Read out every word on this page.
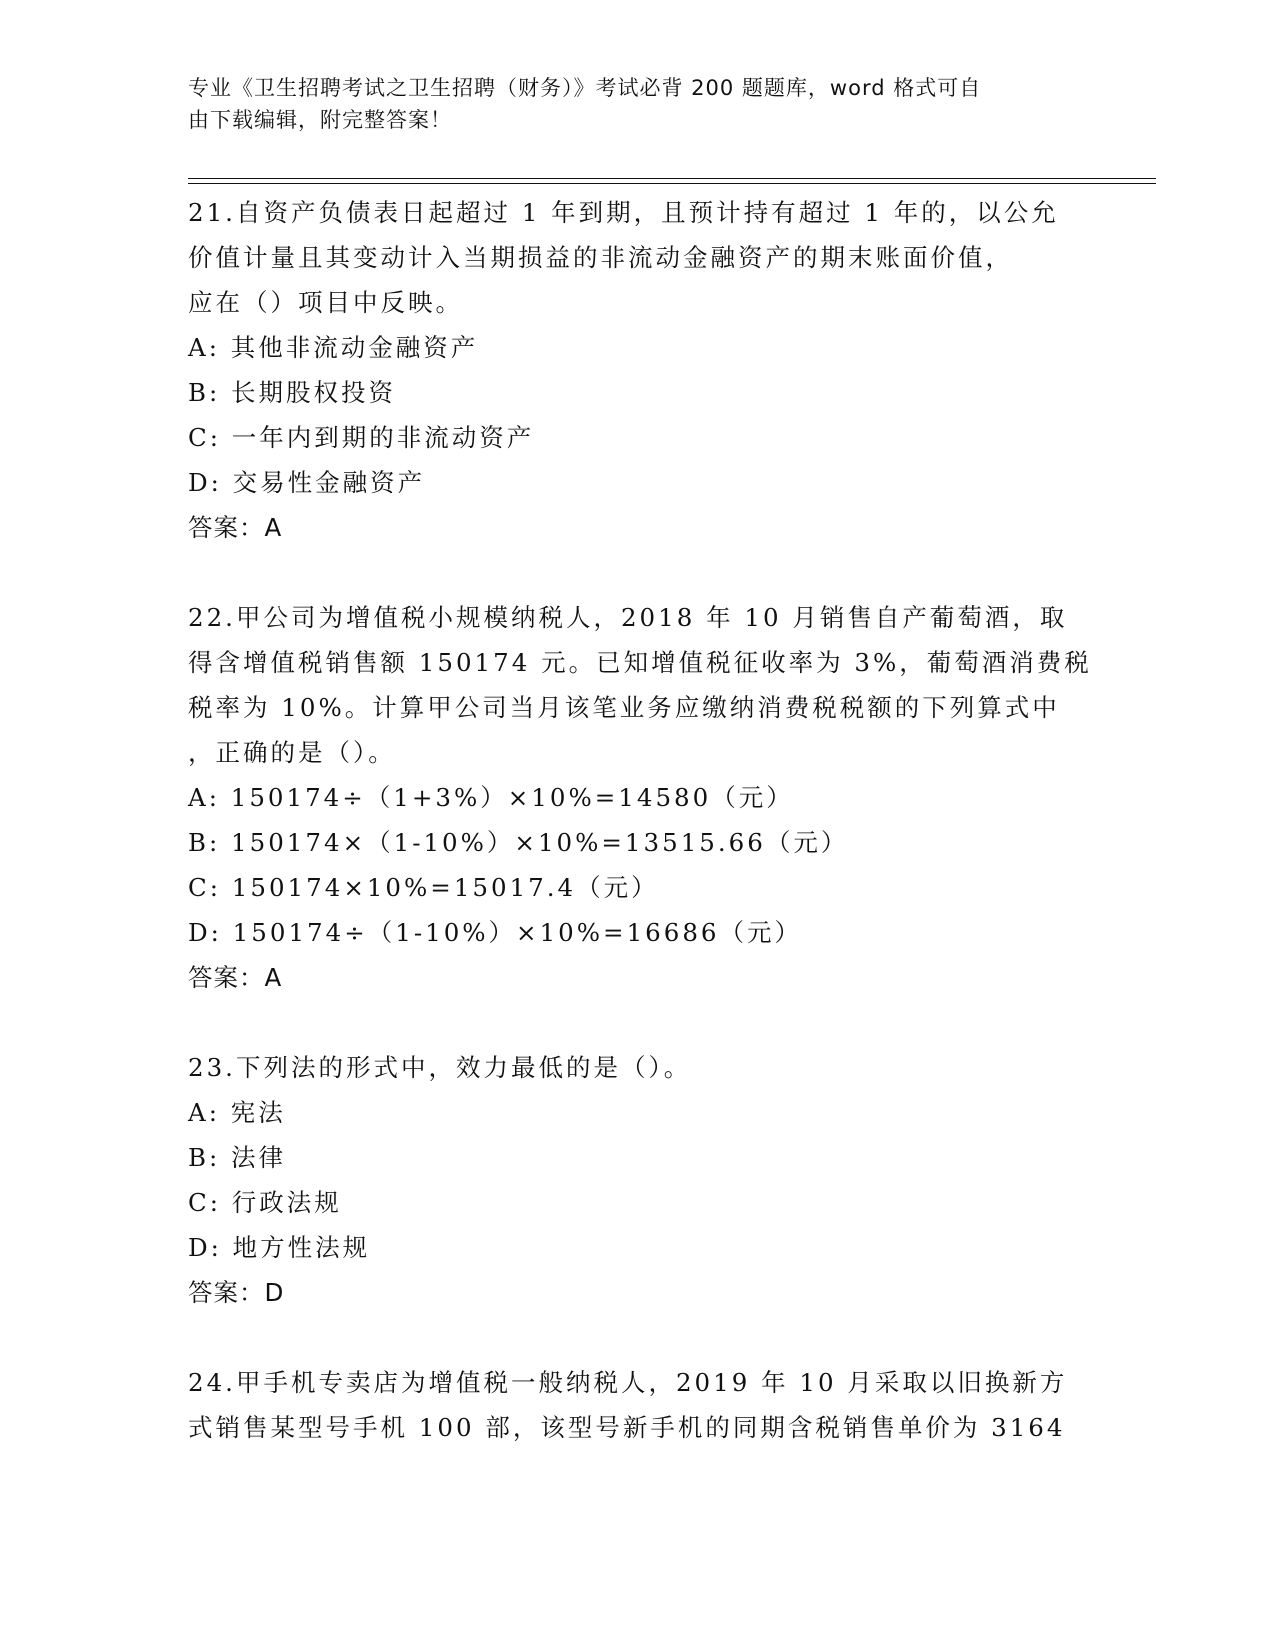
专业《卫生招聘考试之卫生招聘（财务）》考试必背 200 题题库，word 格式可自
由下载编辑，附完整答案！
21.自资产负债表日起超过 1 年到期，且预计持有超过 1 年的，以公允
价值计量且其变动计入当期损益的非流动金融资产的期末账面价值，
应在（）项目中反映。
A: 其他非流动金融资产
B: 长期股权投资
C: 一年内到期的非流动资产
D: 交易性金融资产
答案：A
22.甲公司为增值税小规模纳税人，2018 年 10 月销售自产葡萄酒，取
得含增值税销售额 150174 元。已知增值税征收率为 3%，葡萄酒消费税
税率为 10%。计算甲公司当月该笔业务应缴纳消费税税额的下列算式中
，正确的是（）。
A: 150174÷（1+3%）×10%=14580（元）
B: 150174×（1-10%）×10%=13515.66（元）
C: 150174×10%=15017.4（元）
D: 150174÷（1-10%）×10%=16686（元）
答案：A
23.下列法的形式中，效力最低的是（）。
A: 宪法
B: 法律
C: 行政法规
D: 地方性法规
答案：D
24.甲手机专卖店为增值税一般纳税人，2019 年 10 月采取以旧换新方
式销售某型号手机 100 部，该型号新手机的同期含税销售单价为 3164
